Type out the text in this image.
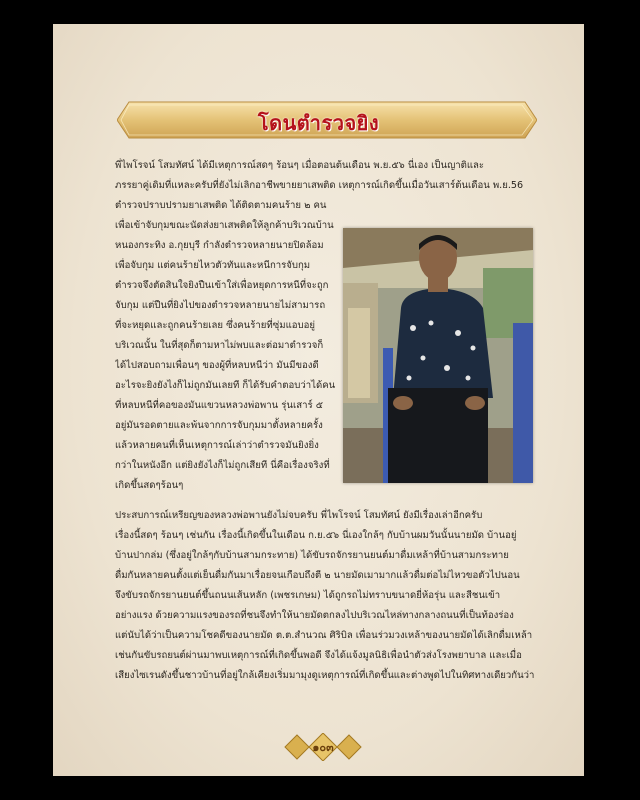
โดนตำรวจยิง

พี่ไพโรจน์ โสมทัศน์ ได้มีเหตุการณ์สดๆ ร้อนๆ เมื่อตอนต้นเดือน พ.ย.๕๖ นี่เอง เป็นญาติและ

ภรรยาคู่เดิมที่แหละครับที่ยังไม่เลิกอาชีพขายยาเสพติด เหตุการณ์เกิดขึ้นเมื่อวันเสาร์ต้นเดือน พ.ย.56

ตำรวจปราบปรามยาเสพติด ได้ติดตามคนร้าย ๒ คน

เพื่อเข้าจับกุมขณะนัดส่งยาเสพติดให้ลูกค้าบริเวณบ้าน

หนองกระทิง อ.กุยบุรี กำลังตำรวจหลายนายปิดล้อม

เพื่อจับกุม แต่คนร้ายไหวตัวทันและหนีการจับกุม

ตำรวจจึงตัดสินใจยิงปืนเข้าใส่เพื่อหยุดการหนีที่จะถูก

จับกุม แต่ปืนที่ยิงไปของตำรวจหลายนายไม่สามารถ

ที่จะหยุดและถูกคนร้ายเลย ซึ่งคนร้ายที่ซุ่มแอบอยู่

บริเวณนั้น ในที่สุดก็ตามหาไม่พบและต่อมาตำรวจก็

ได้ไปสอบถามเพื่อนๆ ของผู้ที่หลบหนีว่า มันมีของดี

อะไรจะยิงยังไงก็ไม่ถูกมันเลยที ก็ได้รับคำตอบว่าได้คน

ที่หลบหนีที่คอของมันแขวนหลวงพ่อพาน รุ่นเสาร์ ๕

อยู่มันรอดตายและพ้นจากการจับกุมมาตั้งหลายครั้ง

แล้วหลายคนที่เห็นเหตุการณ์เล่าว่าตำรวจมันยิงยิ่ง

กว่าในหนังอีก แต่ยิงยังไงก็ไม่ถูกเสียที นี่คือเรื่องจริงที่

เกิดขึ้นสดๆร้อนๆ

ประสบการณ์เหรียญของหลวงพ่อพานยังไม่จบครับ พี่ไพโรจน์ โสมทัศน์ ยังมีเรื่องเล่าอีกครับ

เรื่องนี้สดๆ ร้อนๆ เช่นกัน เรื่องนี้เกิดขึ้นในเดือน ก.ย.๕๖ นี่เองใกล้ๆ กับบ้านผมวันนั้นนายมัด บ้านอยู่

บ้านปากล่ม (ซึ่งอยู่ใกล้ๆกับบ้านสามกระทาย) ได้ขับรถจักรยานยนต์มาดื่มเหล้าที่บ้านสามกระทาย

ดื่มกันหลายคนตั้งแต่เย็นดื่มกันมาเรื่อยจนเกือบถึงตี ๒ นายมัดเมามากแล้วดื่มต่อไม่ไหวขอตัวไปนอน

จึงขับรถจักรยานยนต์ขึ้นถนนเส้นหลัก (เพชรเกษม) ได้ถูกรถไม่ทราบขนาดยี่ห้อรุ่น และสีชนเข้า

อย่างแรง ด้วยความแรงของรถที่ชนจึงทำให้นายมัดตกลงไปบริเวณไหล่ทางกลางถนนที่เป็นท้องร่อง

แต่นับได้ว่าเป็นความโชคดีของนายมัด ต.ต.สำนวณ ศิริบิล เพื่อนร่วมวงเหล้าของนายมัดได้เลิกดื่มเหล้า

เช่นกันขับรถยนต์ผ่านมาพบเหตุการณ์ที่เกิดขึ้นพอดี จึงได้แจ้งมูลนิธิเพื่อนำตัวส่งโรงพยาบาล และเมื่อ

เสียงไซเรนดังขึ้นชาวบ้านที่อยู่ใกล้เคียงเริ่มมามุงดูเหตุการณ์ที่เกิดขึ้นและต่างพูดไปในทิศทางเดียวกันว่า

๑๐๓
